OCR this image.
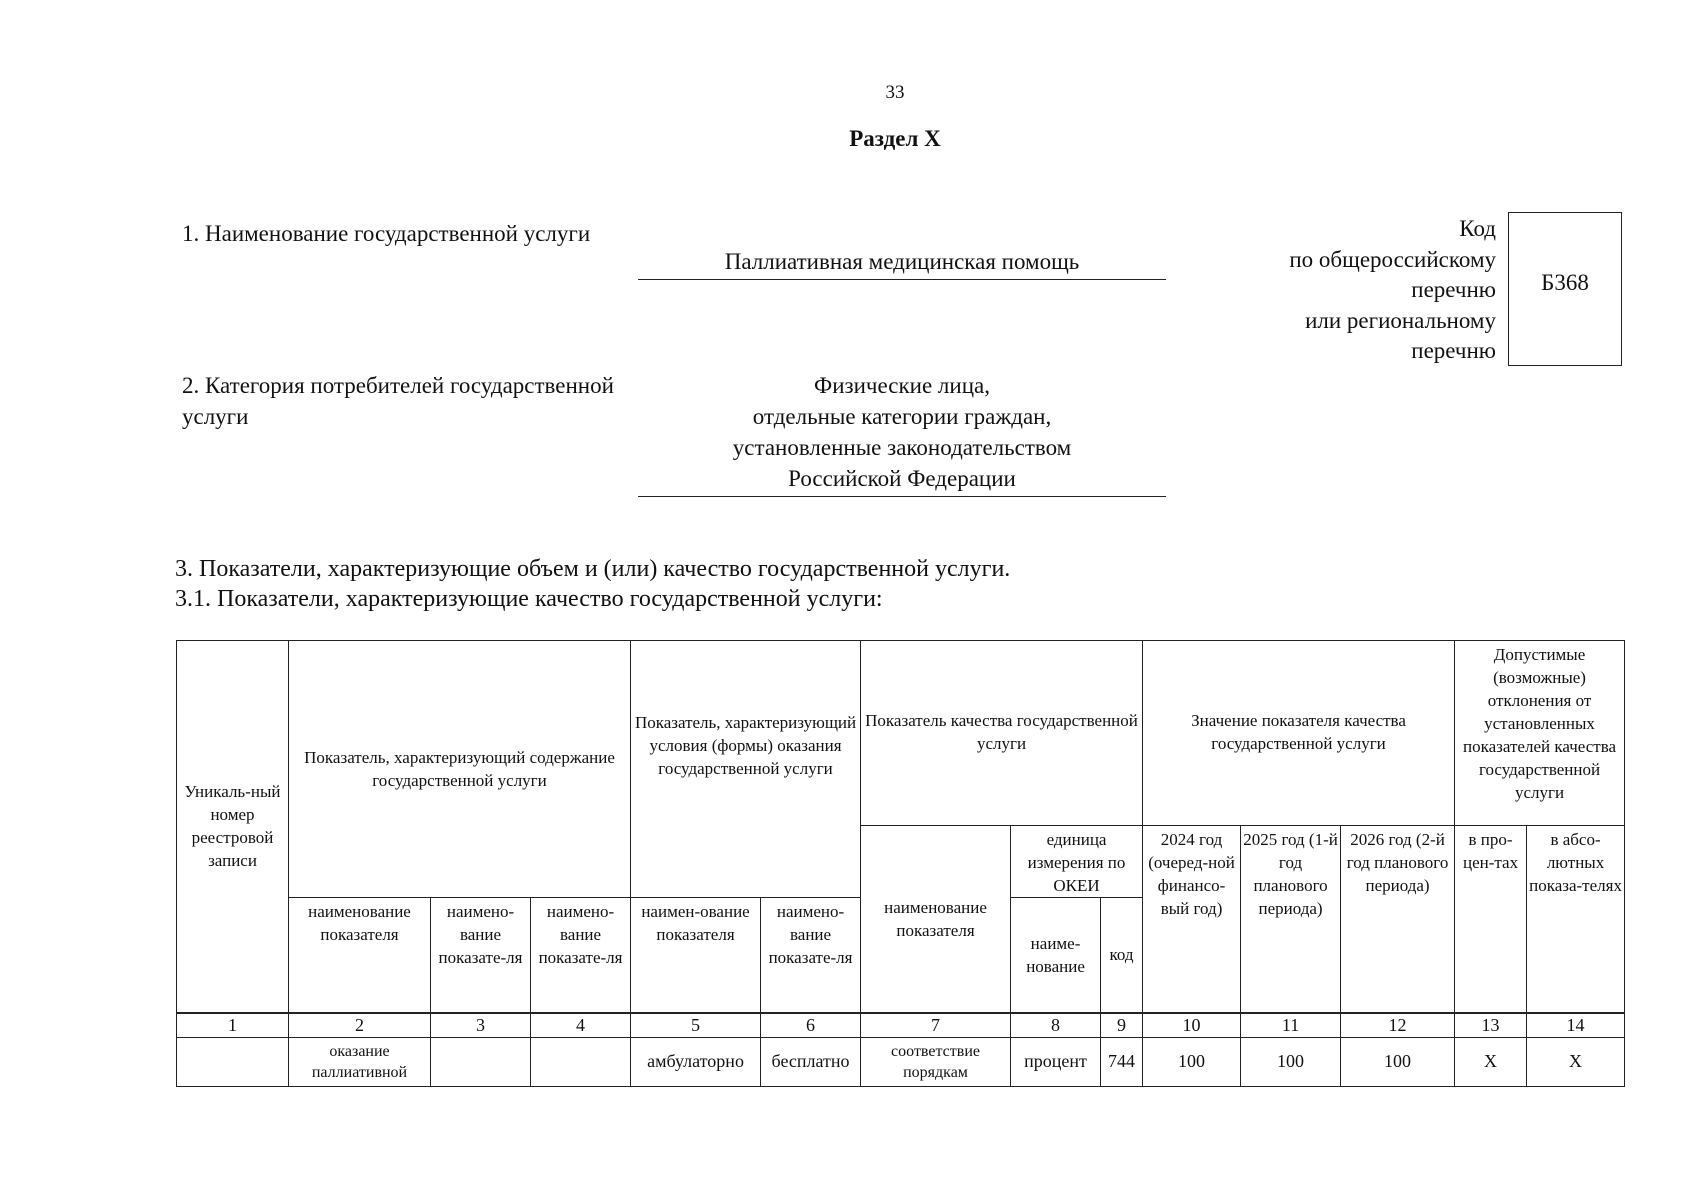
33
Раздел X
1. Наименование государственной услуги
Паллиативная медицинская помощь
2. Категория потребителей государственной услуги
Физические лица,
отдельные категории граждан,
установленные законодательством
Российской Федерации
Код
по общероссийскому
перечню
или региональному
перечню
Б368
3. Показатели, характеризующие объем и (или) качество государственной услуги.
3.1. Показатели, характеризующие качество государственной услуги:
Уникаль-ный номер реестровой записи	Показатель, характеризующий содержание государственной услуги			Показатель, характеризующий условия (формы) оказания государственной услуги		Показатель качества государственной услуги			Значение показателя качества государственной услуги			Допустимые (возможные) отклонения от установленных показателей качества государственной услуги	
						наименование показателя	единица измерения по ОКЕИ		2024 год (очеред-ной финансо-вый год)	2025 год (1-й год планового периода)	2026 год (2-й год планового периода)	в про-цен-тах	в абсо-лютных показа-телях
	наименование показателя	наимено-вание показате-ля	наимено-вание показате-ля	наимен-ование показателя	наимено-вание показате-ля		наиме-нование	код					
1	2	3	4	5	6	7	8	9	10	11	12	13	14
	оказание паллиативной			амбулаторно	бесплатно	соответствие порядкам	процент	744	100	100	100	X	X
